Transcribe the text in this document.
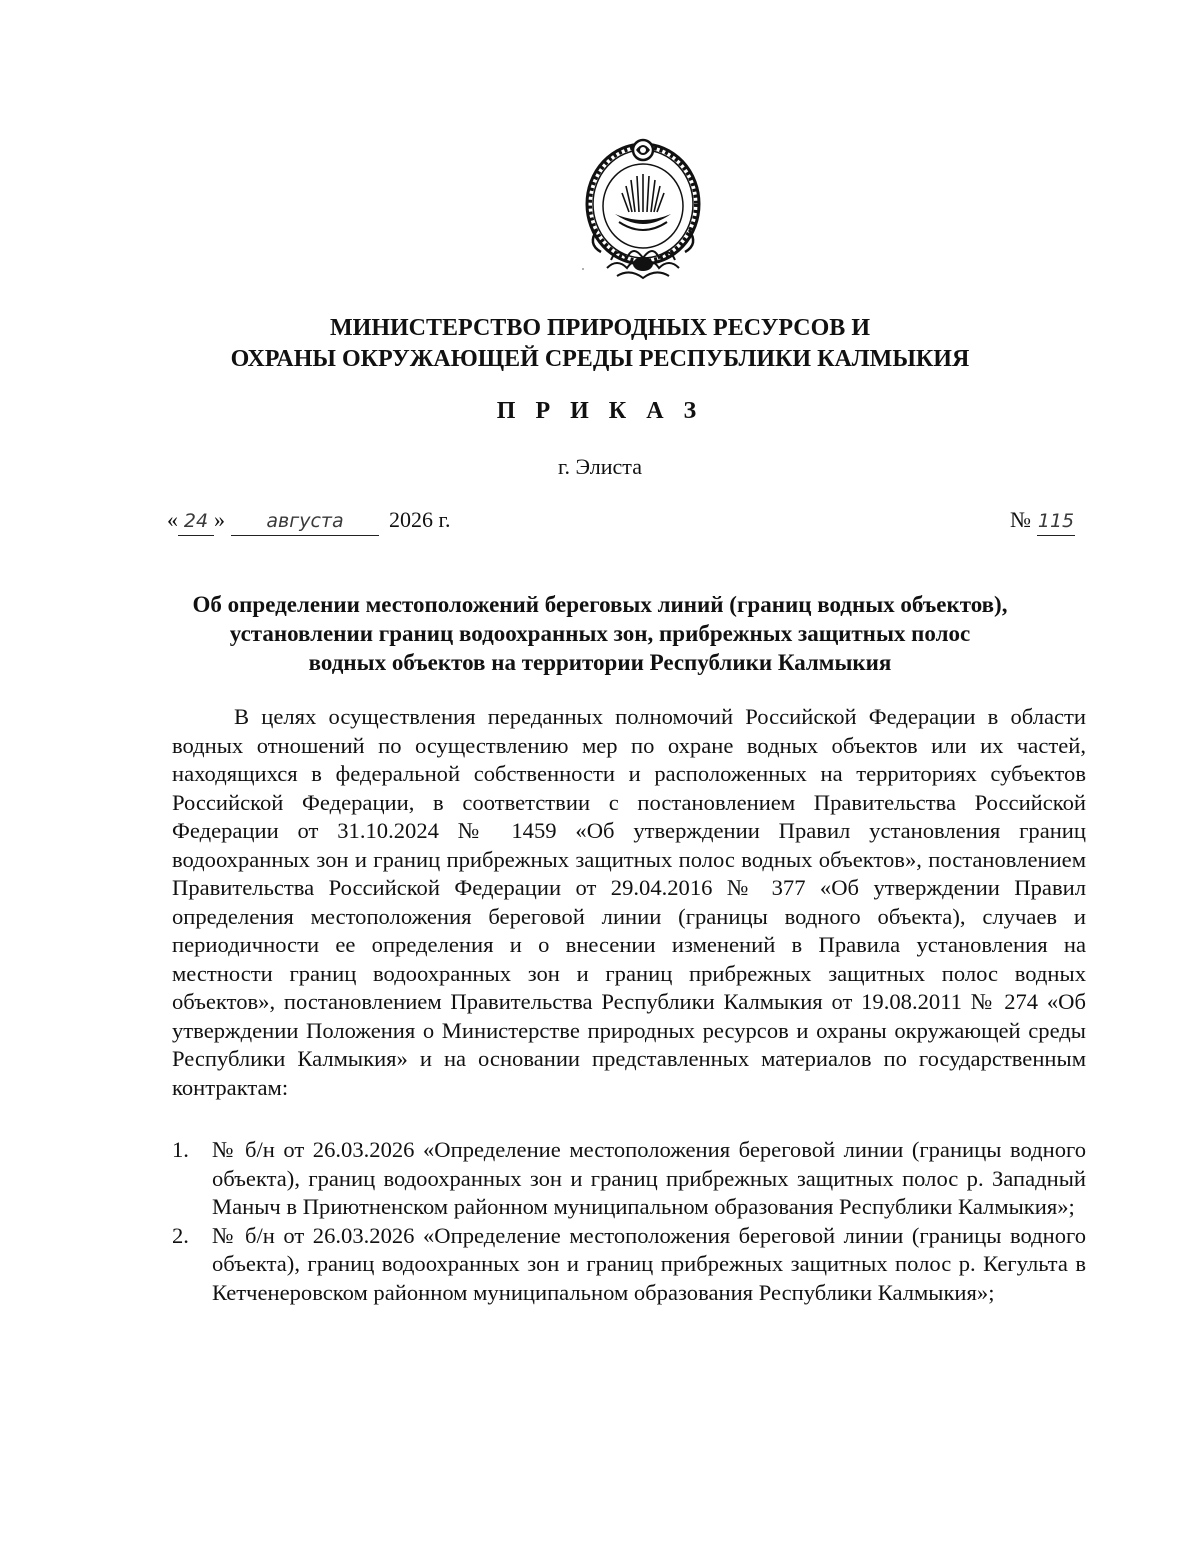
МИНИСТЕРСТВО ПРИРОДНЫХ РЕСУРСОВ И
ОХРАНЫ ОКРУЖАЮЩЕЙ СРЕДЫ РЕСПУБЛИКИ КАЛМЫКИЯ
П Р И К А З
г. Элиста
« 24 » августа 2026 г.	№ 115
Об определении местоположений береговых линий (границ водных объектов),
установлении границ водоохранных зон, прибрежных защитных полос
водных объектов на территории Республики Калмыкия

В целях осуществления переданных полномочий Российской Федерации в области водных отношений по осуществлению мер по охране водных объектов или их частей, находящихся в федеральной собственности и расположенных на территориях субъектов Российской Федерации, в соответствии с постановлением Правительства Российской Федерации от 31.10.2024 № 1459 «Об утверждении Правил установления границ водоохранных зон и границ прибрежных защитных полос водных объектов», постановлением Правительства Российской Федерации от 29.04.2016 № 377 «Об утверждении Правил определения местоположения береговой линии (границы водного объекта), случаев и периодичности ее определения и о внесении изменений в Правила установления на местности границ водоохранных зон и границ прибрежных защитных полос водных объектов», постановлением Правительства Республики Калмыкия от 19.08.2011 № 274 «Об утверждении Положения о Министерстве природных ресурсов и охраны окружающей среды Республики Калмыкия» и на основании представленных материалов по государственным контрактам:

1. № б/н от 26.03.2026 «Определение местоположения береговой линии (границы водного объекта), границ водоохранных зон и границ прибрежных защитных полос р. Западный Маныч в Приютненском районном муниципальном образования Республики Калмыкия»;
2. № б/н от 26.03.2026 «Определение местоположения береговой линии (границы водного объекта), границ водоохранных зон и границ прибрежных защитных полос р. Кегульта в Кетченеровском районном муниципальном образования Республики Калмыкия»;
